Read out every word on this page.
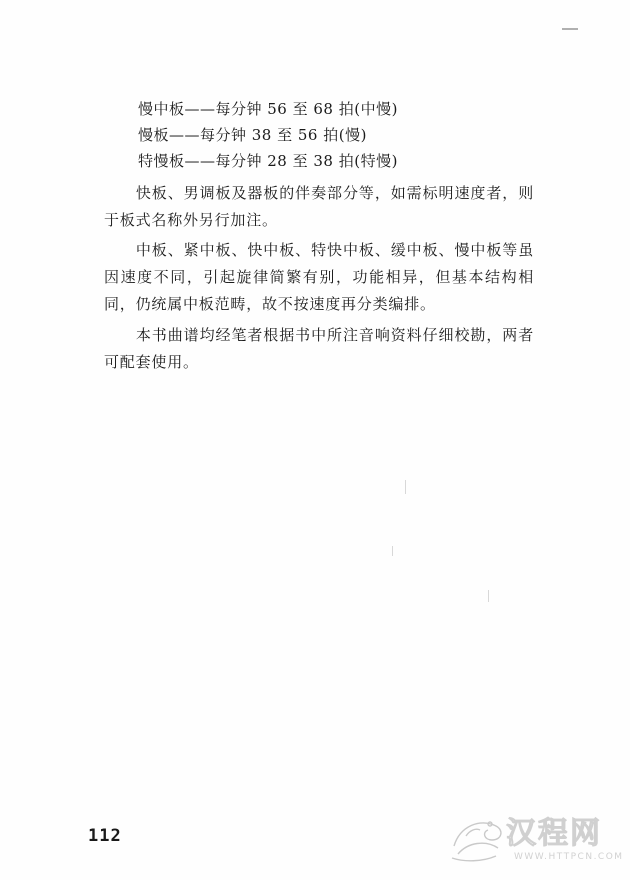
慢中板——每分钟 56 至 68 拍(中慢)
慢板——每分钟 38 至 56 拍(慢)
特慢板——每分钟 28 至 38 拍(特慢)

　　快板、男调板及器板的伴奏部分等，如需标明速度者，则于板式名称外另行加注。

　　中板、紧中板、快中板、特快中板、缓中板、慢中板等虽因速度不同，引起旋律简繁有别，功能相异，但基本结构相同，仍统属中板范畴，故不按速度再分类编排。

　　本书曲谱均经笔者根据书中所注音响资料仔细校勘，两者可配套使用。

112	汉程网
WWW.HTTPCN.COM
